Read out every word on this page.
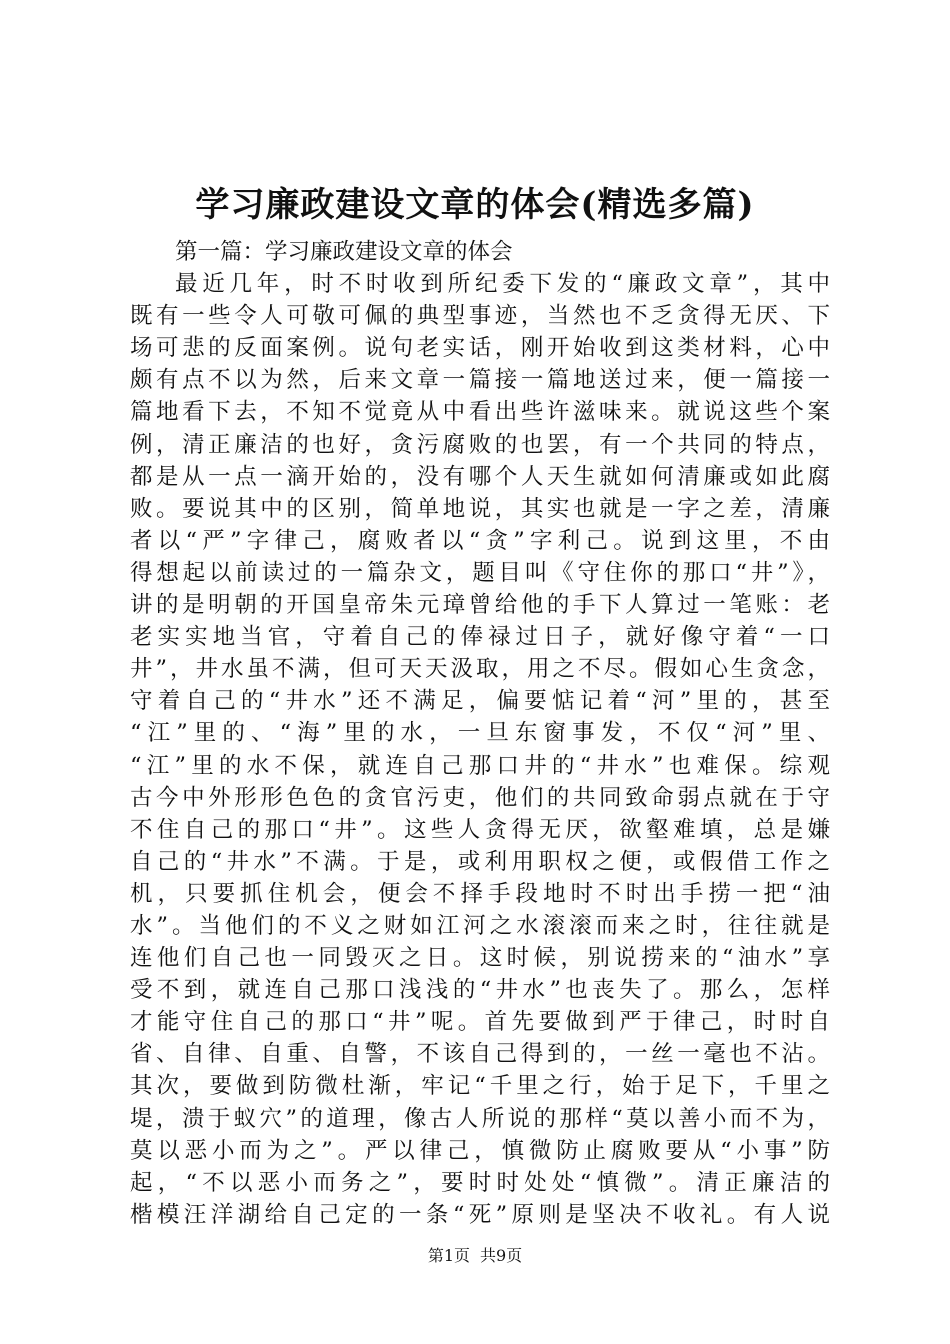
学习廉政建设文章的体会(精选多篇)
第一篇：学习廉政建设文章的体会
最近几年，时不时收到所纪委下发的“廉政文章”，其中
既有一些令人可敬可佩的典型事迹，当然也不乏贪得无厌、下
场可悲的反面案例。说句老实话，刚开始收到这类材料，心中
颇有点不以为然，后来文章一篇接一篇地送过来，便一篇接一
篇地看下去，不知不觉竟从中看出些许滋味来。就说这些个案
例，清正廉洁的也好，贪污腐败的也罢，有一个共同的特点，
都是从一点一滴开始的，没有哪个人天生就如何清廉或如此腐
败。要说其中的区别，简单地说，其实也就是一字之差，清廉
者以“严”字律己，腐败者以“贪”字利己。说到这里，不由
得想起以前读过的一篇杂文，题目叫《守住你的那口“井”》，
讲的是明朝的开国皇帝朱元璋曾给他的手下人算过一笔账：老
老实实地当官，守着自己的俸禄过日子，就好像守着“一口
井”，井水虽不满，但可天天汲取，用之不尽。假如心生贪念，
守着自己的“井水”还不满足，偏要惦记着“河”里的，甚至
“江”里的、“海”里的水，一旦东窗事发，不仅“河”里、
“江”里的水不保，就连自己那口井的“井水”也难保。综观
古今中外形形色色的贪官污吏，他们的共同致命弱点就在于守
不住自己的那口“井”。这些人贪得无厌，欲壑难填，总是嫌
自己的“井水”不满。于是，或利用职权之便，或假借工作之
机，只要抓住机会，便会不择手段地时不时出手捞一把“油
水”。当他们的不义之财如江河之水滚滚而来之时，往往就是
连他们自己也一同毁灭之日。这时候，别说捞来的“油水”享
受不到，就连自己那口浅浅的“井水”也丧失了。那么，怎样
才能守住自己的那口“井”呢。首先要做到严于律己，时时自
省、自律、自重、自警，不该自己得到的，一丝一毫也不沾。
其次，要做到防微杜渐，牢记“千里之行，始于足下，千里之
堤，溃于蚁穴”的道理，像古人所说的那样“莫以善小而不为，
莫以恶小而为之”。严以律己，慎微防止腐败要从“小事”防
起，“不以恶小而务之”，要时时处处“慎微”。清正廉洁的
楷模汪洋湖给自己定的一条“死”原则是坚决不收礼。有人说
第1页 共9页
